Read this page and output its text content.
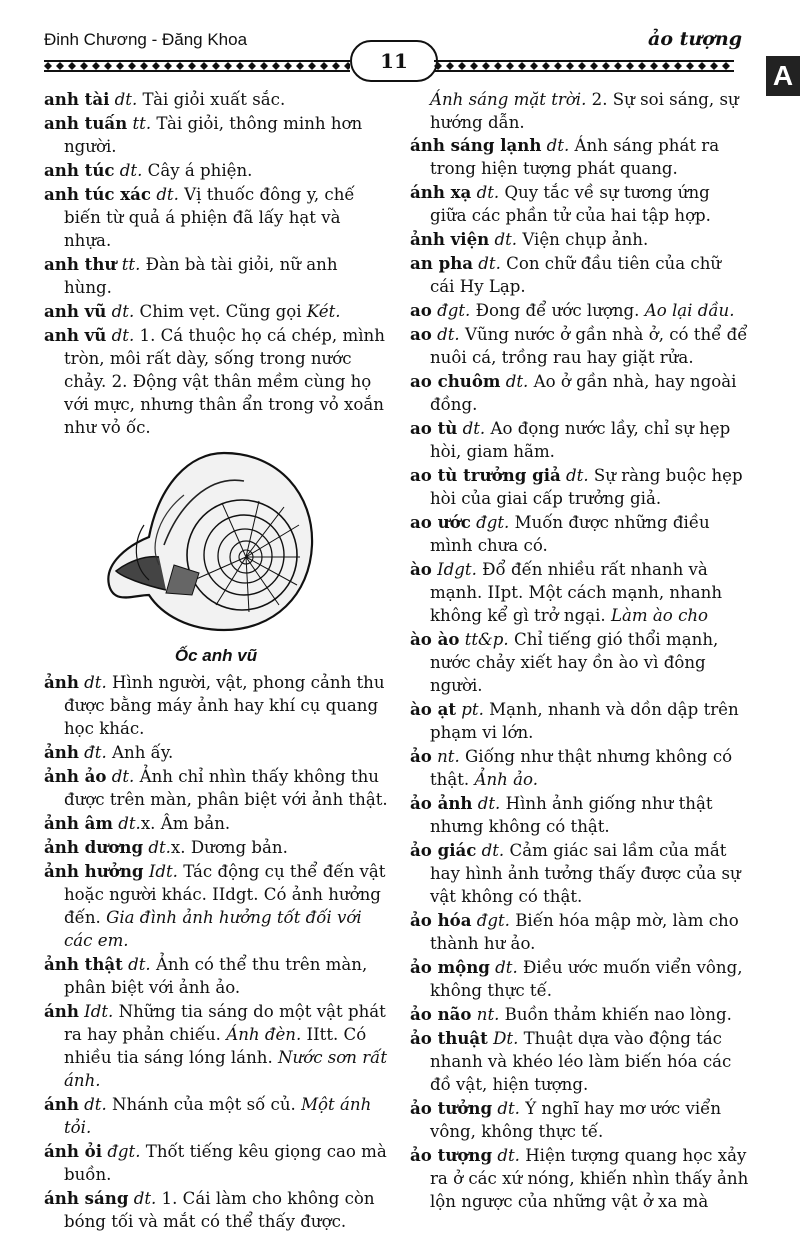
Đinh Chương - Đăng Khoa
11
ảo tượng
A
anh tài dt. Tài giỏi xuất sắc.
anh tuấn tt. Tài giỏi, thông minh hơn người.
anh túc dt. Cây á phiện.
anh túc xác dt. Vị thuốc đông y, chế biến từ quả á phiện đã lấy hạt và nhựa.
anh thư tt. Đàn bà tài giỏi, nữ anh hùng.
anh vũ dt. Chim vẹt. Cũng gọi Két.
anh vũ dt. 1. Cá thuộc họ cá chép, mình tròn, môi rất dày, sống trong nước chảy. 2. Động vật thân mềm cùng họ với mực, nhưng thân ẩn trong vỏ xoắn như vỏ ốc.
Ốc anh vũ
ảnh dt. Hình người, vật, phong cảnh thu được bằng máy ảnh hay khí cụ quang học khác.
ảnh đt. Anh ấy.
ảnh ảo dt. Ảnh chỉ nhìn thấy không thu được trên màn, phân biệt với ảnh thật.
ảnh âm dt.x. Âm bản.
ảnh dương dt.x. Dương bản.
ảnh hưởng Idt. Tác động cụ thể đến vật hoặc người khác. IIdgt. Có ảnh hưởng đến. Gia đình ảnh hưởng tốt đối với các em.
ảnh thật dt. Ảnh có thể thu trên màn, phân biệt với ảnh ảo.
ánh Idt. Những tia sáng do một vật phát ra hay phản chiếu. Ánh đèn. IItt. Có nhiều tia sáng lóng lánh. Nước sơn rất ánh.
ánh dt. Nhánh của một số củ. Một ánh tỏi.
ánh ỏi đgt. Thốt tiếng kêu giọng cao mà buồn.
ánh sáng dt. 1. Cái làm cho không còn bóng tối và mắt có thể thấy được.
Ánh sáng mặt trời. 2. Sự soi sáng, sự hướng dẫn.
ánh sáng lạnh dt. Ánh sáng phát ra trong hiện tượng phát quang.
ánh xạ dt. Quy tắc về sự tương ứng giữa các phần tử của hai tập hợp.
ảnh viện dt. Viện chụp ảnh.
an pha dt. Con chữ đầu tiên của chữ cái Hy Lạp.
ao đgt. Đong để ước lượng. Ao lại dầu.
ao dt. Vũng nước ở gần nhà ở, có thể để nuôi cá, trồng rau hay giặt rửa.
ao chuôm dt. Ao ở gần nhà, hay ngoài đồng.
ao tù dt. Ao đọng nước lầy, chỉ sự hẹp hòi, giam hãm.
ao tù trưởng giả dt. Sự ràng buộc hẹp hòi của giai cấp trưởng giả.
ao ước đgt. Muốn được những điều mình chưa có.
ào Idgt. Đổ đến nhiều rất nhanh và mạnh. IIpt. Một cách mạnh, nhanh không kể gì trở ngại. Làm ào cho
ào ào tt&p. Chỉ tiếng gió thổi mạnh, nước chảy xiết hay ồn ào vì đông người.
ào ạt pt. Mạnh, nhanh và dồn dập trên phạm vi lớn.
ảo nt. Giống như thật nhưng không có thật. Ảnh ảo.
ảo ảnh dt. Hình ảnh giống như thật nhưng không có thật.
ảo giác dt. Cảm giác sai lầm của mắt hay hình ảnh tưởng thấy được của sự vật không có thật.
ảo hóa đgt. Biến hóa mập mờ, làm cho thành hư ảo.
ảo mộng dt. Điều ước muốn viển vông, không thực tế.
ảo não nt. Buồn thảm khiến nao lòng.
ảo thuật Dt. Thuật dựa vào động tác nhanh và khéo léo làm biến hóa các đồ vật, hiện tượng.
ảo tưởng dt. Ý nghĩ hay mơ ước viển vông, không thực tế.
ảo tượng dt. Hiện tượng quang học xảy ra ở các xứ nóng, khiến nhìn thấy ảnh lộn ngược của những vật ở xa mà
